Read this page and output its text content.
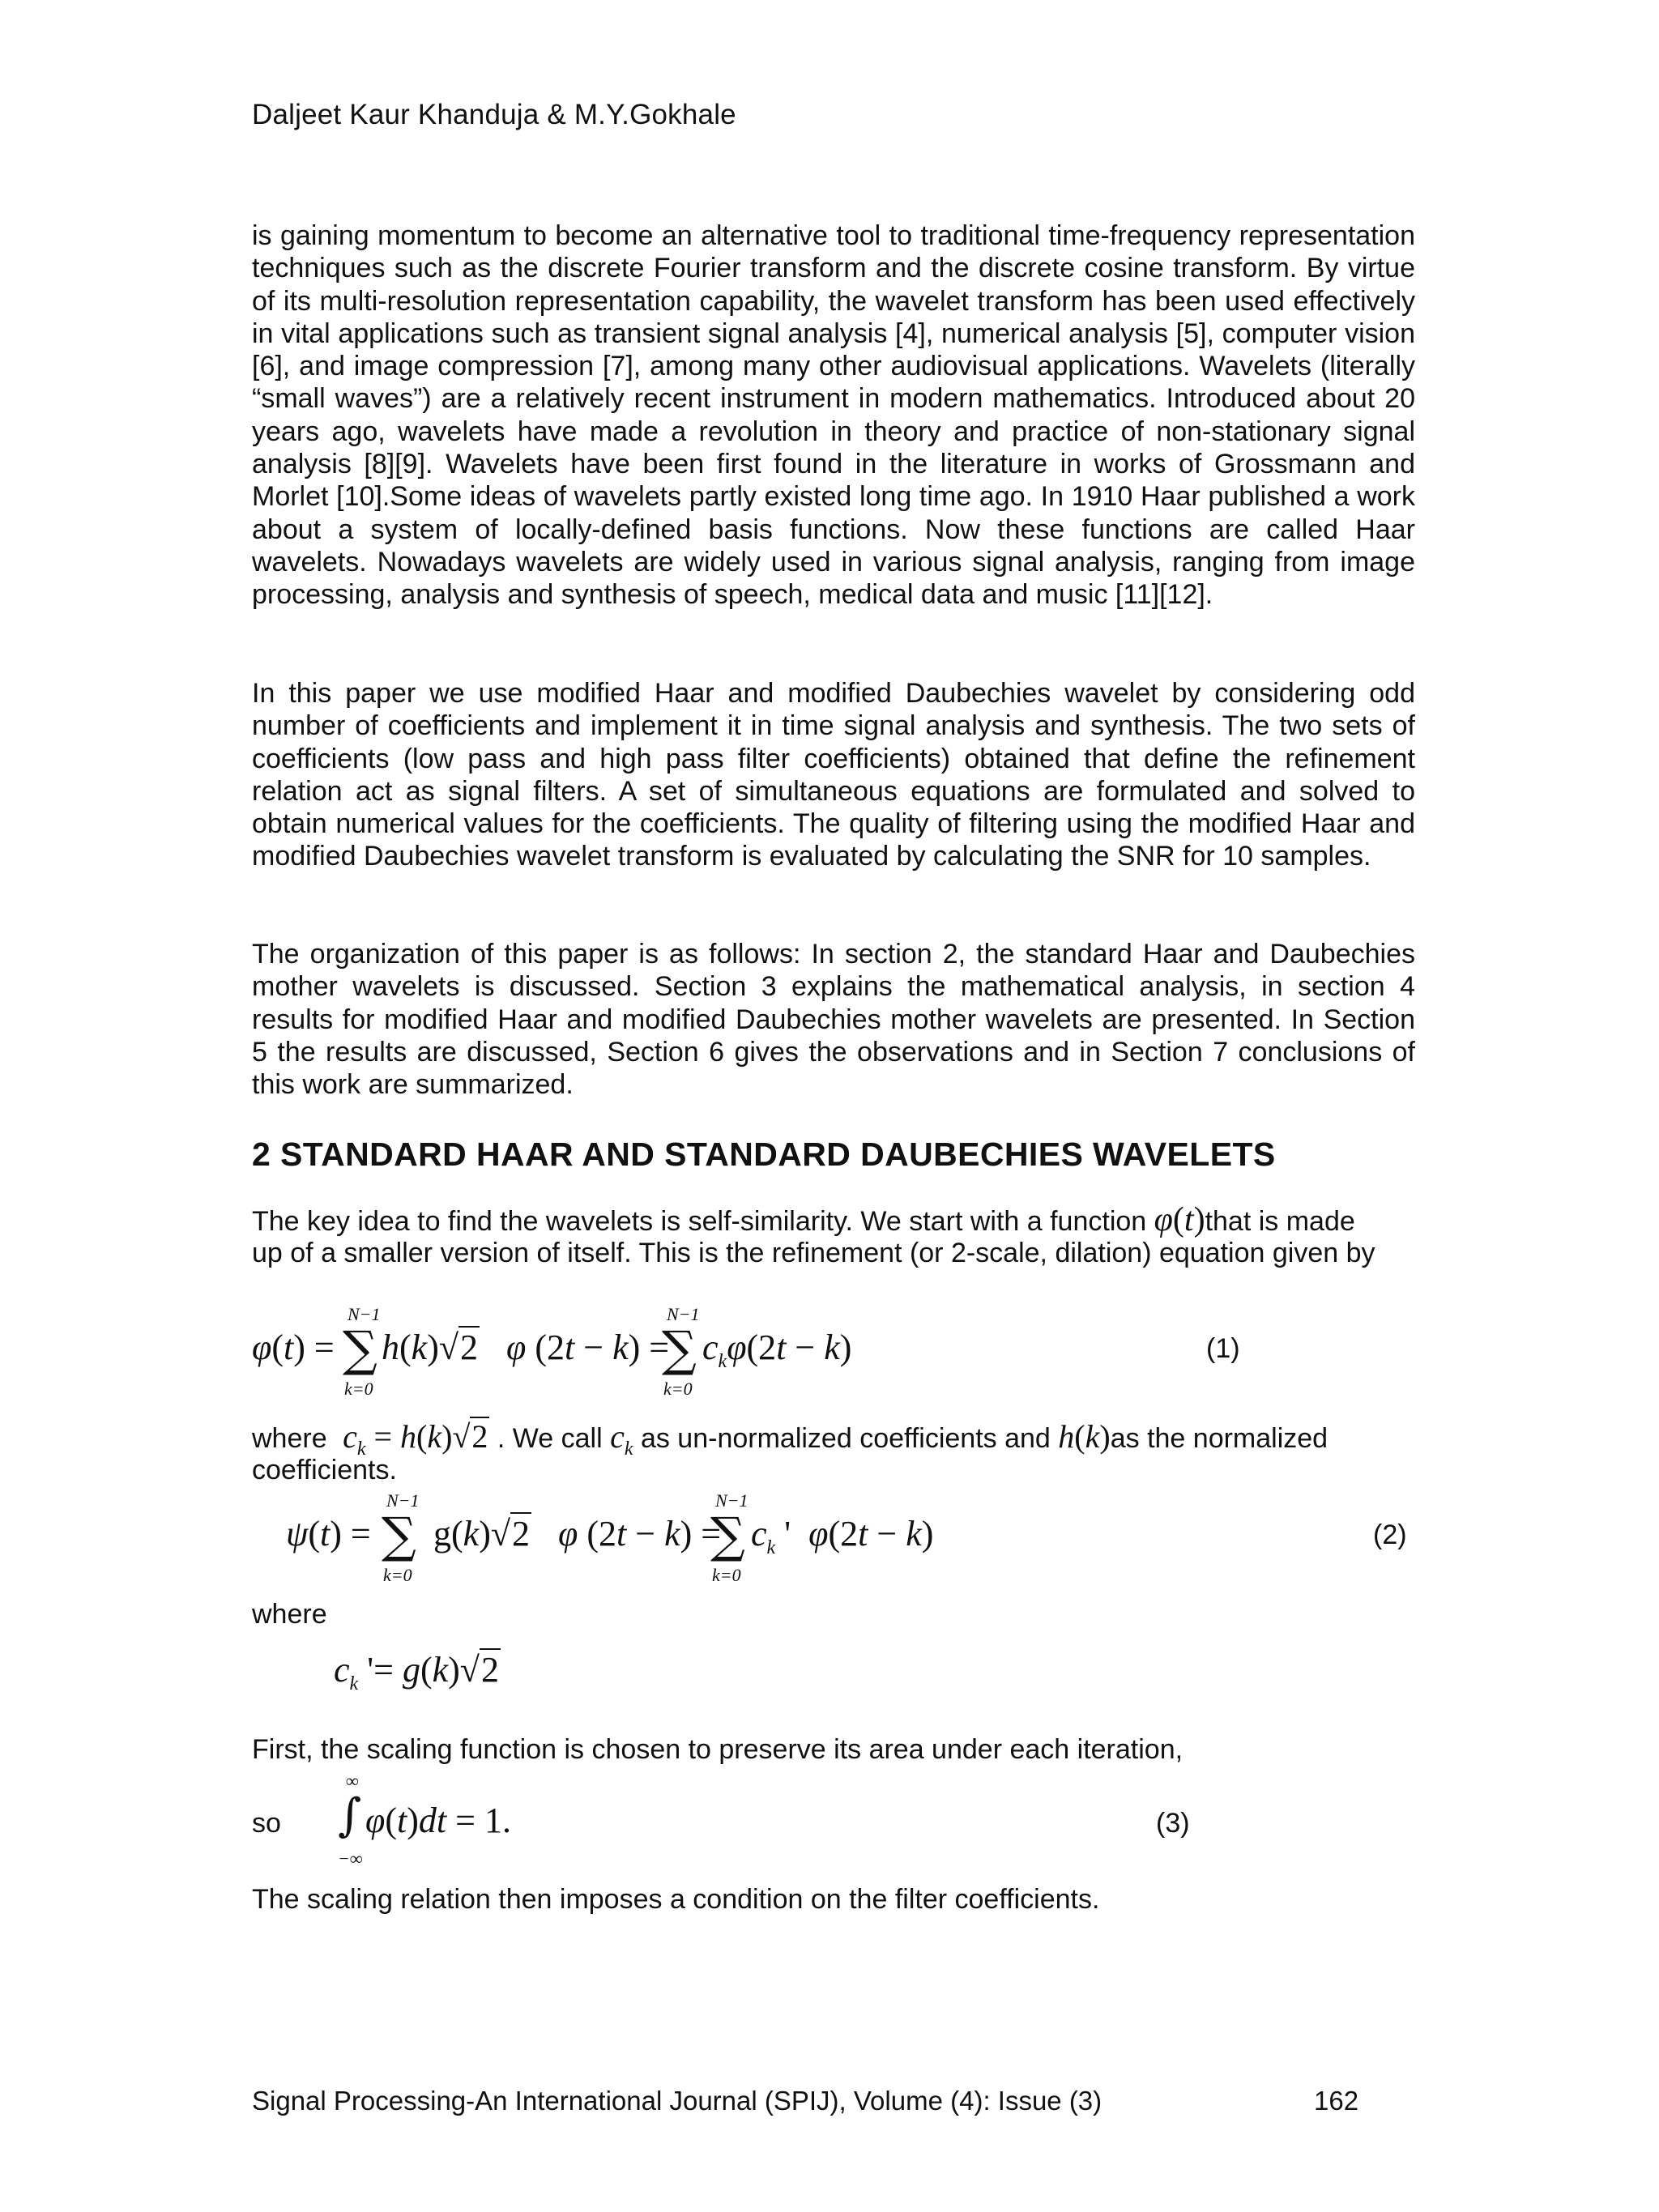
Daljeet Kaur Khanduja & M.Y.Gokhale

is gaining momentum to become an alternative tool to traditional time-frequency representation techniques such as the discrete Fourier transform and the discrete cosine transform. By virtue of its multi-resolution representation capability, the wavelet transform has been used effectively in vital applications such as transient signal analysis [4], numerical analysis [5], computer vision [6], and image compression [7], among many other audiovisual applications. Wavelets (literally “small waves”) are a relatively recent instrument in modern mathematics. Introduced about 20 years ago, wavelets have made a revolution in theory and practice of non-stationary signal analysis [8][9]. Wavelets have been first found in the literature in works of Grossmann and Morlet [10].Some ideas of wavelets partly existed long time ago. In 1910 Haar published a work about a system of locally-defined basis functions. Now these functions are called Haar wavelets. Nowadays wavelets are widely used in various signal analysis, ranging from image processing, analysis and synthesis of speech, medical data and music [11][12].

In this paper we use modified Haar and modified Daubechies wavelet by considering odd number of coefficients and implement it in time signal analysis and synthesis. The two sets of coefficients (low pass and high pass filter coefficients) obtained that define the refinement relation act as signal filters. A set of simultaneous equations are formulated and solved to obtain numerical values for the coefficients. The quality of filtering using the modified Haar and modified Daubechies wavelet transform is evaluated by calculating the SNR for 10 samples.

The organization of this paper is as follows: In section 2, the standard Haar and Daubechies mother wavelets is discussed. Section 3 explains the mathematical analysis, in section 4 results for modified Haar and modified Daubechies mother wavelets are presented. In Section 5 the results are discussed, Section 6 gives the observations and in Section 7 conclusions of this work are summarized.

2 STANDARD HAAR AND STANDARD DAUBECHIES WAVELETS
The key idea to find the wavelets is self-similarity. We start with a function φ(t)that is made
up of a smaller version of itself. This is the refinement (or 2-scale, dilation) equation given by
φ(t) =
N−1
∑
k=0
h(k)√2 φ (2t − k) =
N−1
∑
k=0
$c_k\varphi(2t - k)$	(1)
where $c_k = h(k)√2$ . We call $c_k$ as un-normalized coefficients and h(k)as the normalized
coefficients.
ψ(t) =
N−1
∑
k=0
g(k)√2 φ (2t − k) =
N−1
∑
k=0
$c_k$ '  φ(2t − k)	(2)
where
$c_k$ '= g(k)√2
First, the scaling function is chosen to preserve its area under each iteration,
so
∞
∫
−∞
φ(t)dt = 1.	(3)
The scaling relation then imposes a condition on the filter coefficients.
Signal Processing-An International Journal (SPIJ), Volume (4): Issue (3)	162
